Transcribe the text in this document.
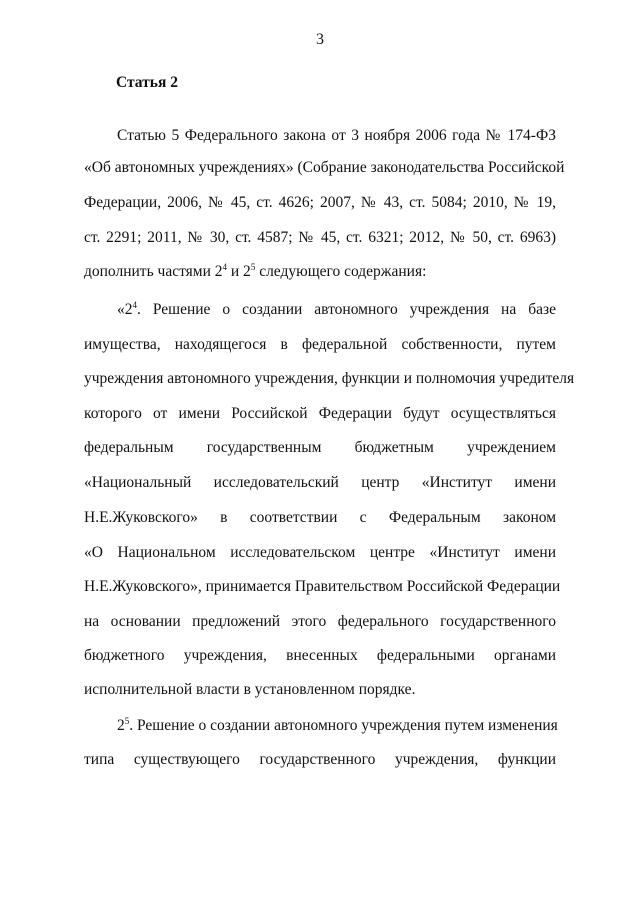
3
Статья 2
Статью 5 Федерального закона от 3 ноября 2006 года № 174-ФЗ
«Об автономных учреждениях» (Собрание законодательства Российской
Федерации, 2006, № 45, ст. 4626; 2007, № 43, ст. 5084; 2010, № 19,
ст. 2291; 2011, № 30, ст. 4587; № 45, ст. 6321; 2012, № 50, ст. 6963)
дополнить частями $2^4$ и $2^5$ следующего содержания:
«$2^4$. Решение о создании автономного учреждения на базе
имущества, находящегося в федеральной собственности, путем
учреждения автономного учреждения, функции и полномочия учредителя
которого от имени Российской Федерации будут осуществляться
федеральным государственным бюджетным учреждением
«Национальный исследовательский центр «Институт имени
Н.Е.Жуковского» в соответствии с Федеральным законом
«О Национальном исследовательском центре «Институт имени
Н.Е.Жуковского», принимается Правительством Российской Федерации
на основании предложений этого федерального государственного
бюджетного учреждения, внесенных федеральными органами
исполнительной власти в установленном порядке.
$2^5$. Решение о создании автономного учреждения путем изменения
типа существующего государственного учреждения, функции
